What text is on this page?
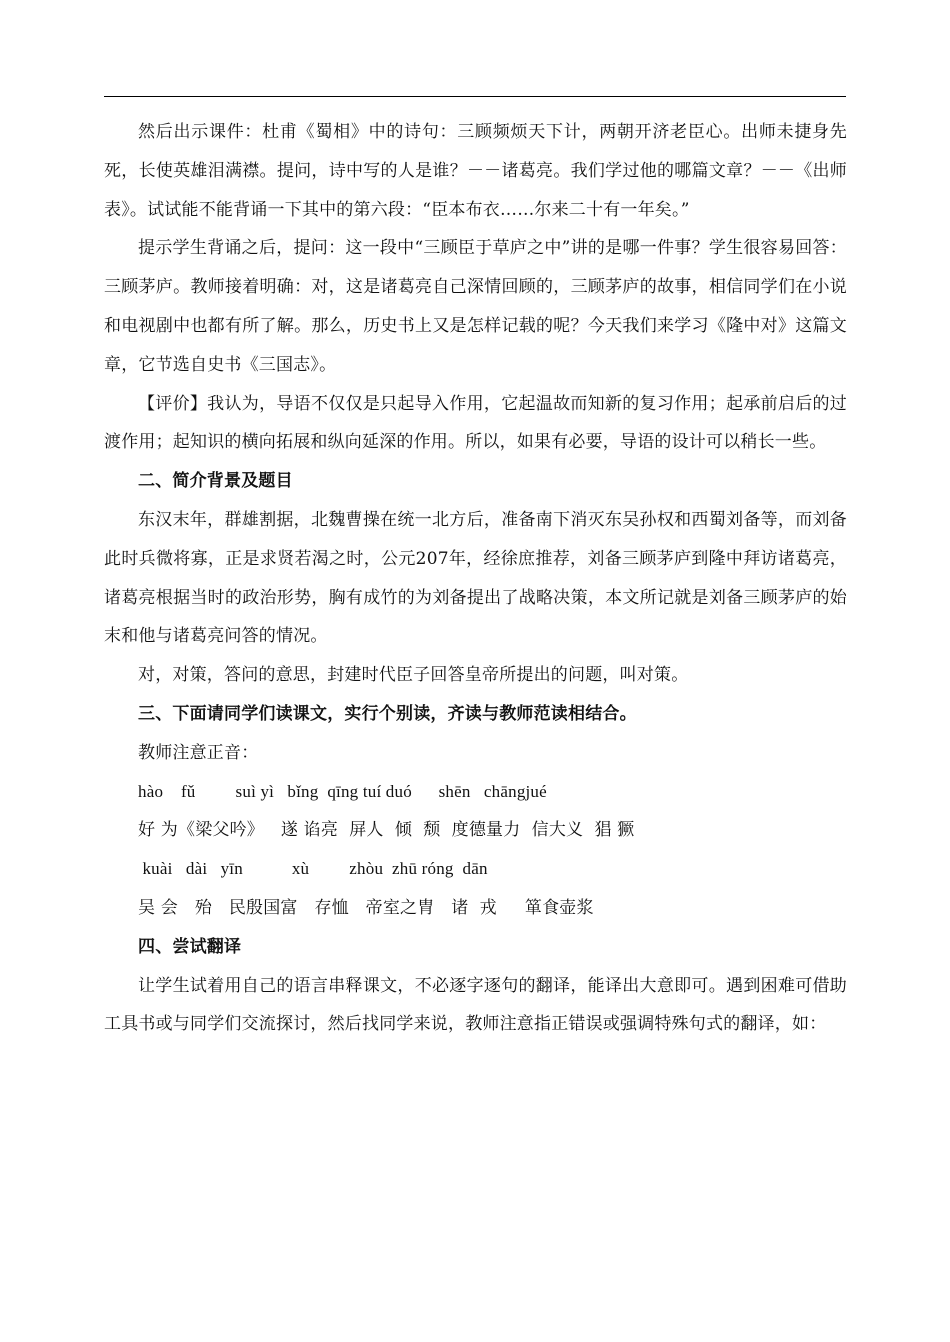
然后出示课件：杜甫《蜀相》中的诗句：三顾频烦天下计，两朝开济老臣心。出师未捷身先死，长使英雄泪满襟。提问，诗中写的人是谁？－－诸葛亮。我们学过他的哪篇文章？－－《出师表》。试试能不能背诵一下其中的第六段：“臣本布衣……尔来二十有一年矣。”

提示学生背诵之后，提问：这一段中“三顾臣于草庐之中”讲的是哪一件事？学生很容易回答：三顾茅庐。教师接着明确：对，这是诸葛亮自己深情回顾的，三顾茅庐的故事，相信同学们在小说和电视剧中也都有所了解。那么，历史书上又是怎样记载的呢？今天我们来学习《隆中对》这篇文章，它节选自史书《三国志》。

【评价】我认为，导语不仅仅是只起导入作用，它起温故而知新的复习作用；起承前启后的过渡作用；起知识的横向拓展和纵向延深的作用。所以，如果有必要，导语的设计可以稍长一些。

二、简介背景及题目

东汉末年，群雄割据，北魏曹操在统一北方后，准备南下消灭东吴孙权和西蜀刘备等，而刘备此时兵微将寡，正是求贤若渴之时，公元207年，经徐庶推荐，刘备三顾茅庐到隆中拜访诸葛亮，诸葛亮根据当时的政治形势，胸有成竹的为刘备提出了战略决策，本文所记就是刘备三顾茅庐的始末和他与诸葛亮问答的情况。

对，对策，答问的意思，封建时代臣子回答皇帝所提出的问题，叫对策。

三、下面请同学们读课文，实行个别读，齐读与教师范读相结合。

教师注意正音：

hào    fǔ         suì yì   bǐng  qīng tuí duó      shēn   chāngjué

好 为《梁父吟》   遂 谄亮  屏人  倾  颓  度德量力  信大义  猖 獗

kuài   dài   yīn           xù         zhòu  zhū róng  dān

吴 会   殆   民殷国富   存恤   帝室之胄   诸  戎     箪食壶浆

四、尝试翻译

让学生试着用自己的语言串释课文，不必逐字逐句的翻译，能译出大意即可。遇到困难可借助工具书或与同学们交流探讨，然后找同学来说，教师注意指正错误或强调特殊句式的翻译，如：
